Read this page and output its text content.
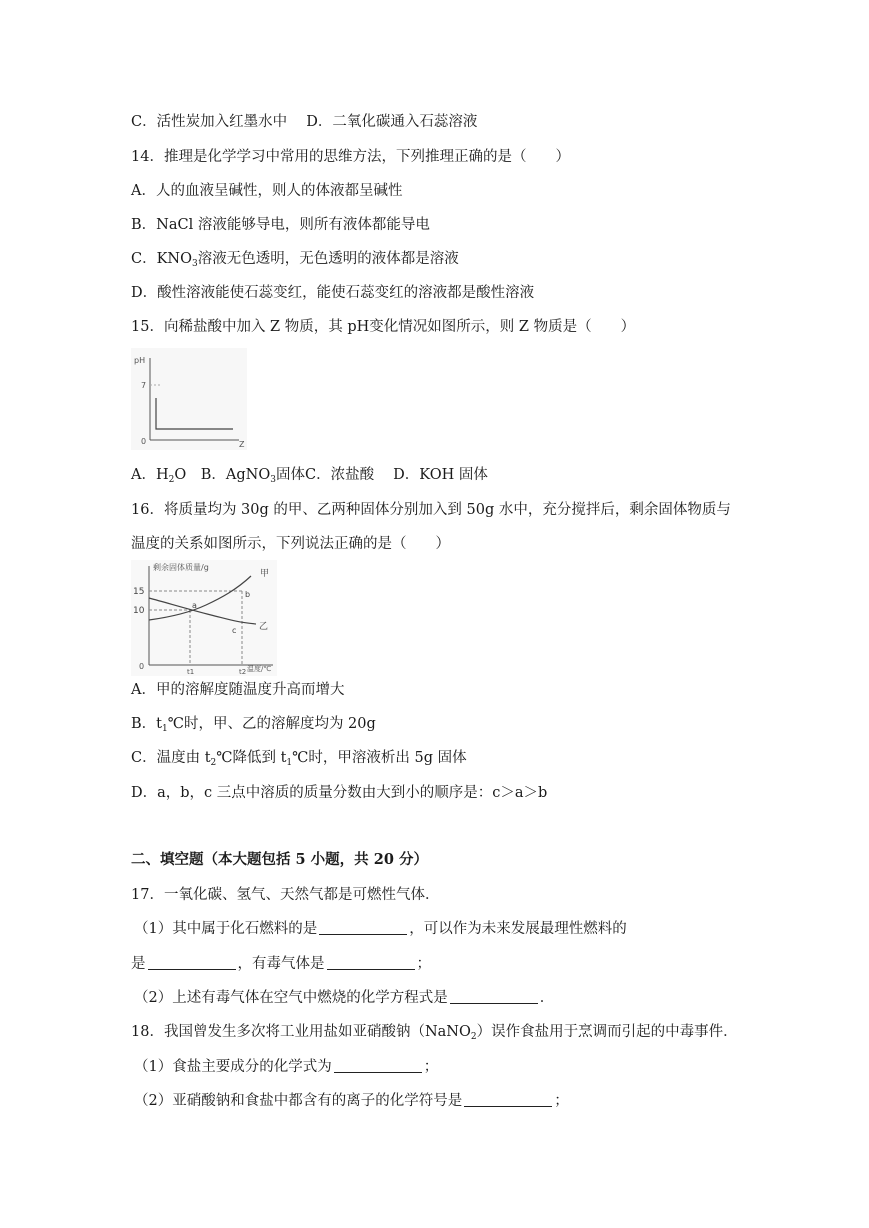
C．活性炭加入红墨水中　 D．二氧化碳通入石蕊溶液
14．推理是化学学习中常用的思维方法，下列推理正确的是（　　）
A．人的血液呈碱性，则人的体液都呈碱性
B．NaCl 溶液能够导电，则所有液体都能导电
C．$KNO_3$溶液无色透明，无色透明的液体都是溶液
D．酸性溶液能使石蕊变红，能使石蕊变红的溶液都是酸性溶液
15．向稀盐酸中加入 Z 物质，其 pH变化情况如图所示，则 Z 物质是（　　）
pH
7
0	Z
A．$H_2O$　B．AgNO$_3$固体C．浓盐酸　 D．KOH 固体
16．将质量均为 30g 的甲、乙两种固体分别加入到 50g 水中，充分搅拌后，剩余固体物质与
温度的关系如图所示，下列说法正确的是（　　）
剩余固体质量/g
15
10
0
t1	t2 温度/℃
甲
乙
a
b
c
A．甲的溶解度随温度升高而增大
B．$t_1℃$时，甲、乙的溶解度均为 20g
C．温度由 $t_2℃$降低到 $t_1℃$时，甲溶液析出 5g 固体
D．a，b，c 三点中溶质的质量分数由大到小的顺序是：c＞a＞b
二、填空题（本大题包括 5 小题，共 20 分）
17．一氧化碳、氢气、天然气都是可燃性气体．
（1）其中属于化石燃料的是	，可以作为未来发展最理性燃料的
是	，有毒气体是	；
（2）上述有毒气体在空气中燃烧的化学方程式是	．
18．我国曾发生多次将工业用盐如亚硝酸钠（NaNO$_2$）误作食盐用于烹调而引起的中毒事件．
（1）食盐主要成分的化学式为	；
（2）亚硝酸钠和食盐中都含有的离子的化学符号是	；
